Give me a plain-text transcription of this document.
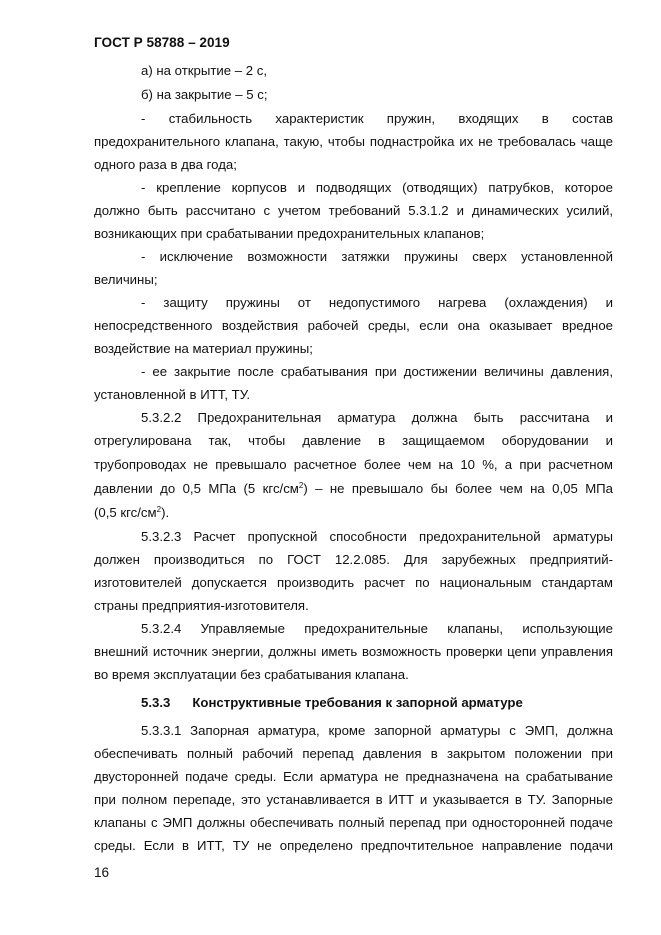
ГОСТ Р 58788 – 2019
а) на открытие – 2 с,
б) на закрытие – 5 с;
- стабильность характеристик пружин, входящих в состав
предохранительного клапана, такую, чтобы поднастройка их не требовалась чаще
одного раза в два года;
- крепление корпусов и подводящих (отводящих) патрубков, которое
должно быть рассчитано с учетом требований 5.3.1.2 и динамических усилий,
возникающих при срабатывании предохранительных клапанов;
- исключение возможности затяжки пружины сверх установленной
величины;
- защиту пружины от недопустимого нагрева (охлаждения) и
непосредственного воздействия рабочей среды, если она оказывает вредное
воздействие на материал пружины;
- ее закрытие после срабатывания при достижении величины давления,
установленной в ИТТ, ТУ.
5.3.2.2 Предохранительная арматура должна быть рассчитана и
отрегулирована так, чтобы давление в защищаемом оборудовании и
трубопроводах не превышало расчетное более чем на 10 %, а при расчетном
давлении до 0,5 МПа (5 кгс/$см^2$) – не превышало бы более чем на 0,05 МПа
(0,5 кгс/$см^2$).
5.3.2.3 Расчет пропускной способности предохранительной арматуры
должен производиться по ГОСТ 12.2.085. Для зарубежных предприятий-
изготовителей допускается производить расчет по национальным стандартам
страны предприятия-изготовителя.
5.3.2.4 Управляемые предохранительные клапаны, использующие
внешний источник энергии, должны иметь возможность проверки цепи управления
во время эксплуатации без срабатывания клапана.
5.3.3 Конструктивные требования к запорной арматуре
5.3.3.1 Запорная арматура, кроме запорной арматуры с ЭМП, должна
обеспечивать полный рабочий перепад давления в закрытом положении при
двусторонней подаче среды. Если арматура не предназначена на срабатывание
при полном перепаде, это устанавливается в ИТТ и указывается в ТУ. Запорные
клапаны с ЭМП должны обеспечивать полный перепад при односторонней подаче
среды. Если в ИТТ, ТУ не определено предпочтительное направление подачи
16
